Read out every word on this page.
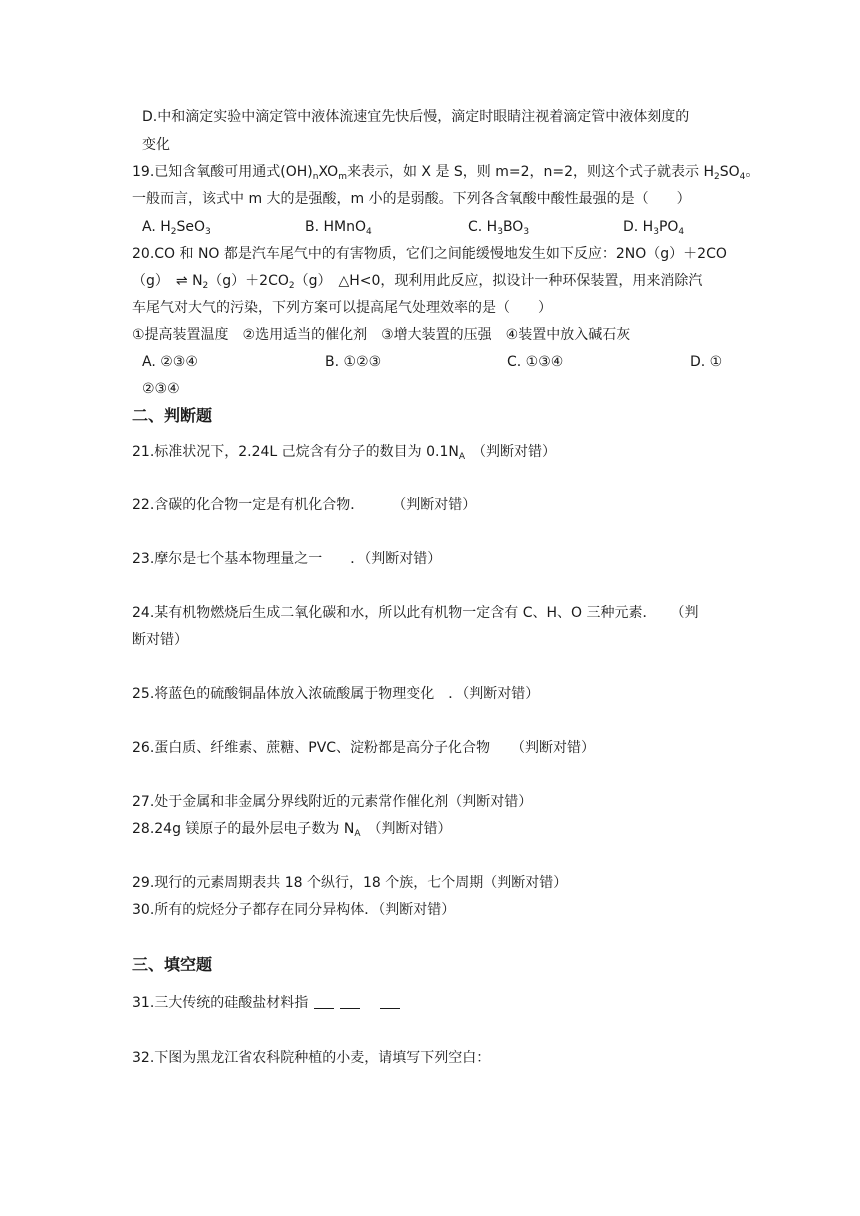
D.中和滴定实验中滴定管中液体流速宜先快后慢，滴定时眼睛注视着滴定管中液体刻度的
变化
19.已知含氧酸可用通式$(OH)_nXO_m$来表示，如 X 是 S，则 m=2，n=2，则这个式子就表示 $H_2SO_4$。
一般而言，该式中 m 大的是强酸，m 小的是弱酸。下列各含氧酸中酸性最强的是（　　）
A. $H_2SeO_3$	B. HMnO$_4$	C. $H_3BO_3$	D. $H_3PO_4$
20.CO 和 NO 都是汽车尾气中的有害物质，它们之间能缓慢地发生如下反应：2NO（g）＋2CO
（g）　⇌ $N_2(g)+2CO_2(g)$　△H<0，现利用此反应，拟设计一种环保装置，用来消除汽
车尾气对大气的污染，下列方案可以提高尾气处理效率的是（　　）
①提高装置温度　②选用适当的催化剂　③增大装置的压强　④装置中放入碱石灰
A. ②③④	B. ①②③	C. ①③④	D. ①
②③④
二、判断题
21.标准状况下，2.24L 己烷含有分子的数目为 $0.1N_A$　（判断对错）
22.含碳的化合物一定是有机化合物．　　　（判断对错）
23.摩尔是七个基本物理量之一　　．（判断对错）
24.某有机物燃烧后生成二氧化碳和水，所以此有机物一定含有 C、H、O 三种元素．　　（判
断对错）
25.将蓝色的硫酸铜晶体放入浓硫酸属于物理变化　．（判断对错）
26.蛋白质、纤维素、蔗糖、PVC、淀粉都是高分子化合物　　（判断对错）
27.处于金属和非金属分界线附近的元素常作催化剂（判断对错）
28.24g 镁原子的最外层电子数为 $N_A$　（判断对错）
29.现行的元素周期表共 18 个纵行，18 个族，七个周期（判断对错）
30.所有的烷烃分子都存在同分异构体．（判断对错）
三、填空题
31.三大传统的硅酸盐材料指
32.下图为黑龙江省农科院种植的小麦，请填写下列空白：
